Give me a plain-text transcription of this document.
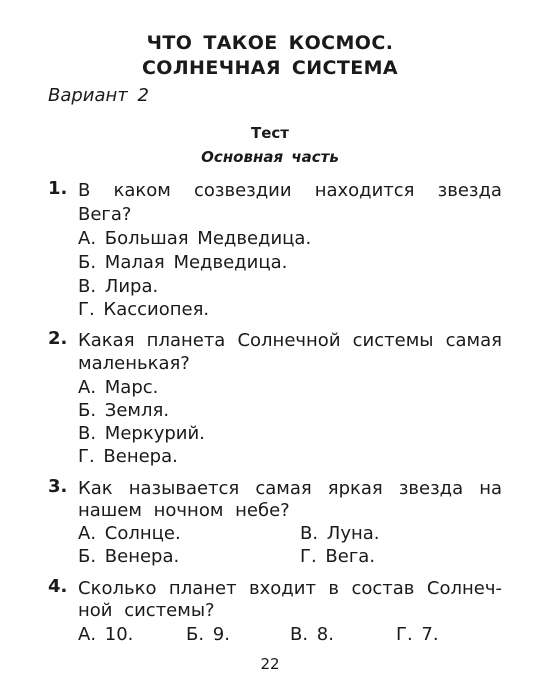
ЧТО ТАКОЕ КОСМОС.
СОЛНЕЧНАЯ СИСТЕМА
Вариант 2
Тест
Основная часть
1. В каком созвездии находится звезда
Вега?
А. Большая Медведица.
Б. Малая Медведица.
В. Лира.
Г. Кассиопея.
2. Какая планета Солнечной системы самая
маленькая?
А. Марс.
Б. Земля.
В. Меркурий.
Г. Венера.
3. Как называется самая яркая звезда на
нашем ночном небе?
А. Солнце.	В. Луна.
Б. Венера.	Г. Вега.
4. Сколько планет входит в состав Солнеч-
ной системы?
А. 10.	Б. 9.	В. 8.	Г. 7.
22
